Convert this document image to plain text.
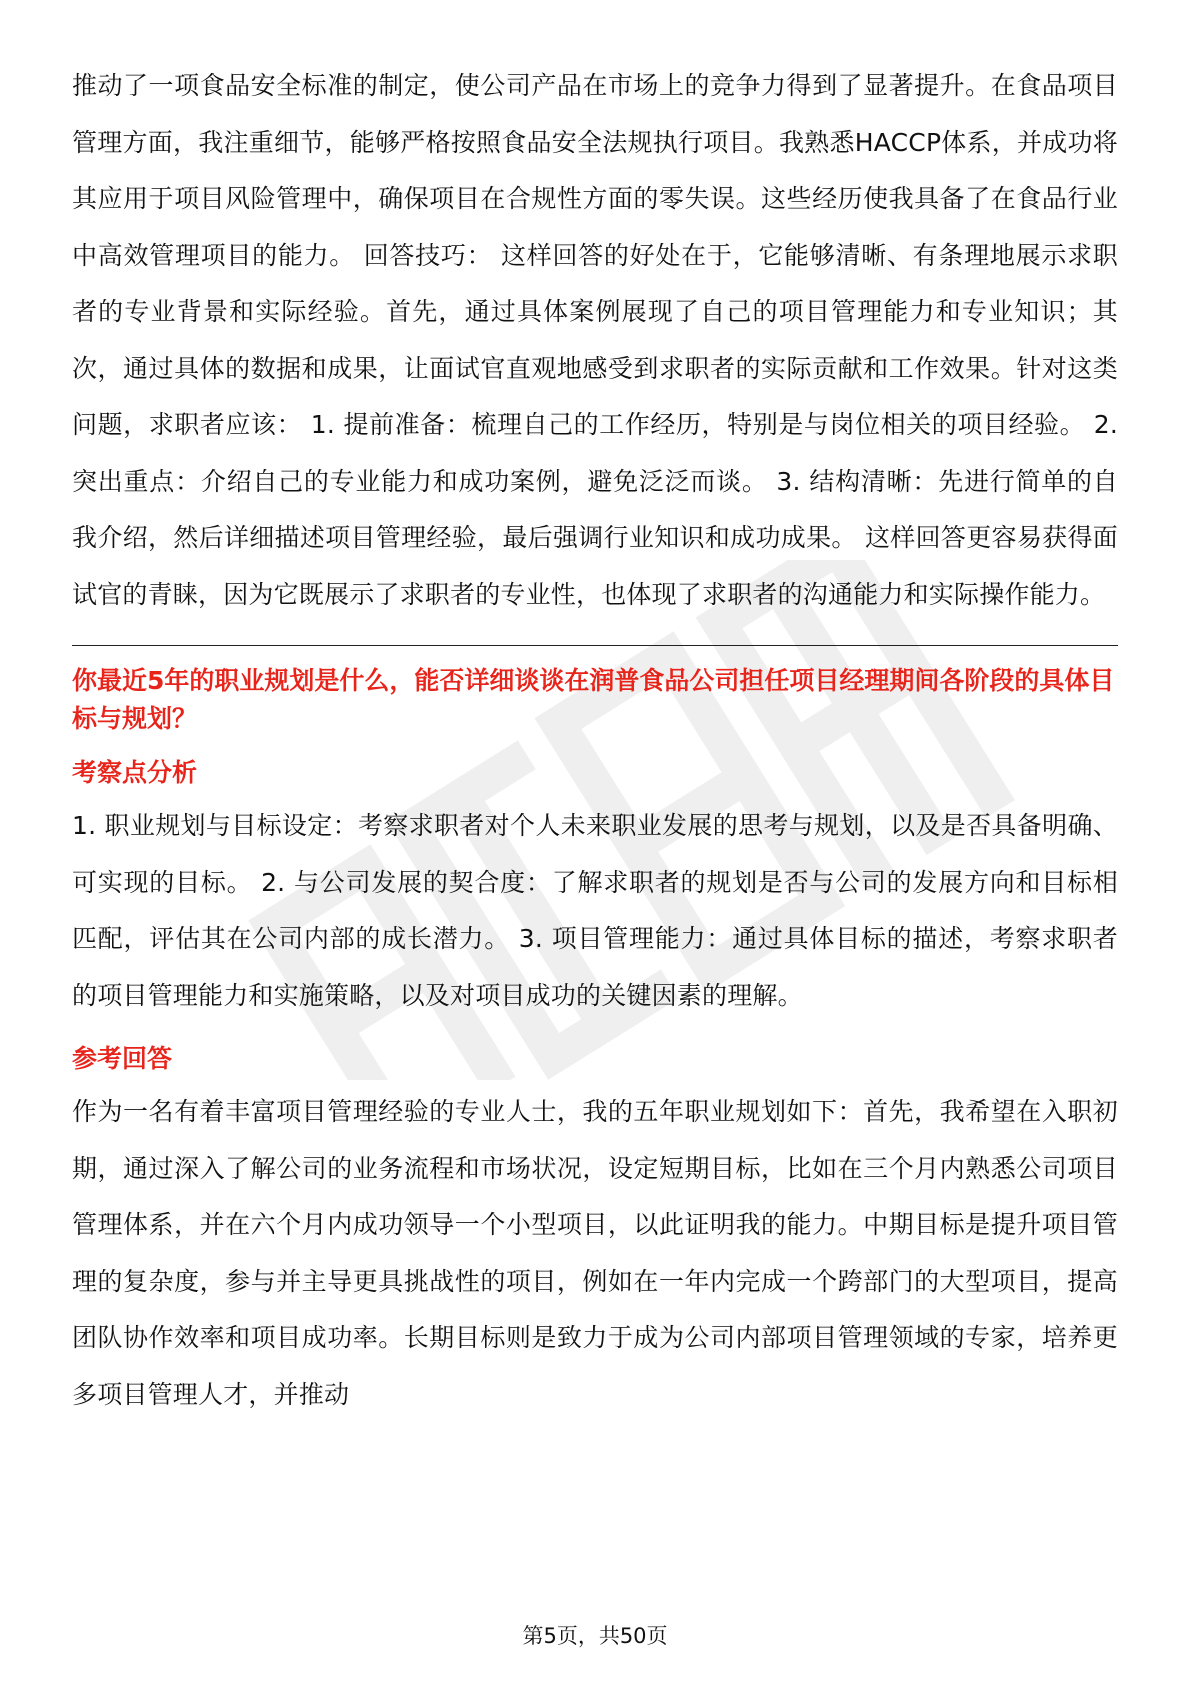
推动了一项食品安全标准的制定，使公司产品在市场上的竞争力得到了显著提升。在食品项目管理方面，我注重细节，能够严格按照食品安全法规执行项目。我熟悉HACCP体系，并成功将其应用于项目风险管理中，确保项目在合规性方面的零失误。这些经历使我具备了在食品行业中高效管理项目的能力。 回答技巧： 这样回答的好处在于，它能够清晰、有条理地展示求职者的专业背景和实际经验。首先，通过具体案例展现了自己的项目管理能力和专业知识；其次，通过具体的数据和成果，让面试官直观地感受到求职者的实际贡献和工作效果。针对这类问题，求职者应该： 1. 提前准备：梳理自己的工作经历，特别是与岗位相关的项目经验。 2. 突出重点：介绍自己的专业能力和成功案例，避免泛泛而谈。 3. 结构清晰：先进行简单的自我介绍，然后详细描述项目管理经验，最后强调行业知识和成功成果。 这样回答更容易获得面试官的青睐，因为它既展示了求职者的专业性，也体现了求职者的沟通能力和实际操作能力。

你最近5年的职业规划是什么，能否详细谈谈在润普食品公司担任项目经理期间各阶段的具体目标与规划？

考察点分析

1. 职业规划与目标设定：考察求职者对个人未来职业发展的思考与规划，以及是否具备明确、可实现的目标。 2. 与公司发展的契合度：了解求职者的规划是否与公司的发展方向和目标相匹配，评估其在公司内部的成长潜力。 3. 项目管理能力：通过具体目标的描述，考察求职者的项目管理能力和实施策略，以及对项目成功的关键因素的理解。

参考回答

作为一名有着丰富项目管理经验的专业人士，我的五年职业规划如下：首先，我希望在入职初期，通过深入了解公司的业务流程和市场状况，设定短期目标，比如在三个月内熟悉公司项目管理体系，并在六个月内成功领导一个小型项目，以此证明我的能力。中期目标是提升项目管理的复杂度，参与并主导更具挑战性的项目，例如在一年内完成一个跨部门的大型项目，提高团队协作效率和项目成功率。长期目标则是致力于成为公司内部项目管理领域的专家，培养更多项目管理人才，并推动

第5页，共50页
